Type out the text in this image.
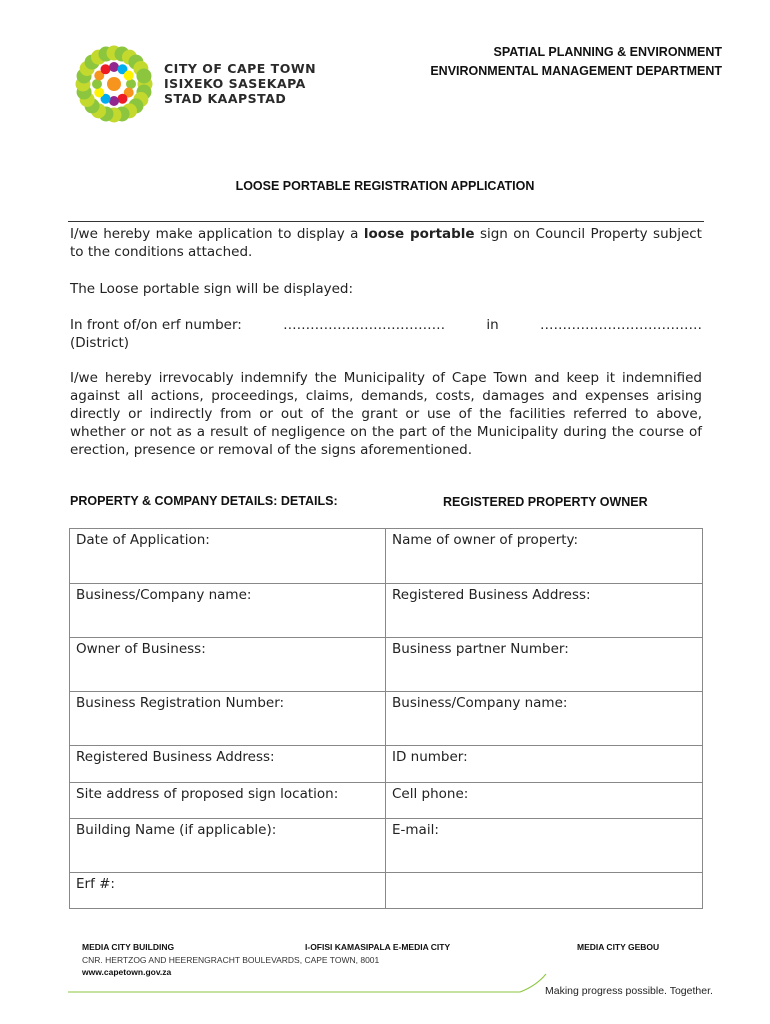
CITY OF CAPE TOWN
ISIXEKO SASEKAPA
STAD KAAPSTAD
SPATIAL PLANNING & ENVIRONMENT
ENVIRONMENTAL MANAGEMENT DEPARTMENT
LOOSE PORTABLE REGISTRATION APPLICATION
I/we hereby make application to display a loose portable sign on Council Property subject to the conditions attached.
The Loose portable sign will be displayed:
In front of/on erf number:	………………………………	in	………………………………
(District)
I/we hereby irrevocably indemnify the Municipality of Cape Town and keep it indemnified against all actions, proceedings, claims, demands, costs, damages and expenses arising directly or indirectly from or out of the grant or use of the facilities referred to above, whether or not as a result of negligence on the part of the Municipality during the course of erection, presence or removal of the signs aforementioned.
PROPERTY & COMPANY DETAILS: DETAILS:	REGISTERED PROPERTY OWNER
Date of Application:	Name of owner of property:
Business/Company name:	Registered Business Address:
Owner of Business:	Business partner Number:
Business Registration Number:	Business/Company name:
Registered Business Address:	ID number:
Site address of proposed sign location:	Cell phone:
Building Name (if applicable):	E-mail:
Erf #:	
MEDIA CITY BUILDING	I-OFISI KAMASIPALA E-MEDIA CITY	MEDIA CITY GEBOU
CNR. HERTZOG AND HEERENGRACHT BOULEVARDS, CAPE TOWN, 8001
www.capetown.gov.za
Making progress possible. Together.
